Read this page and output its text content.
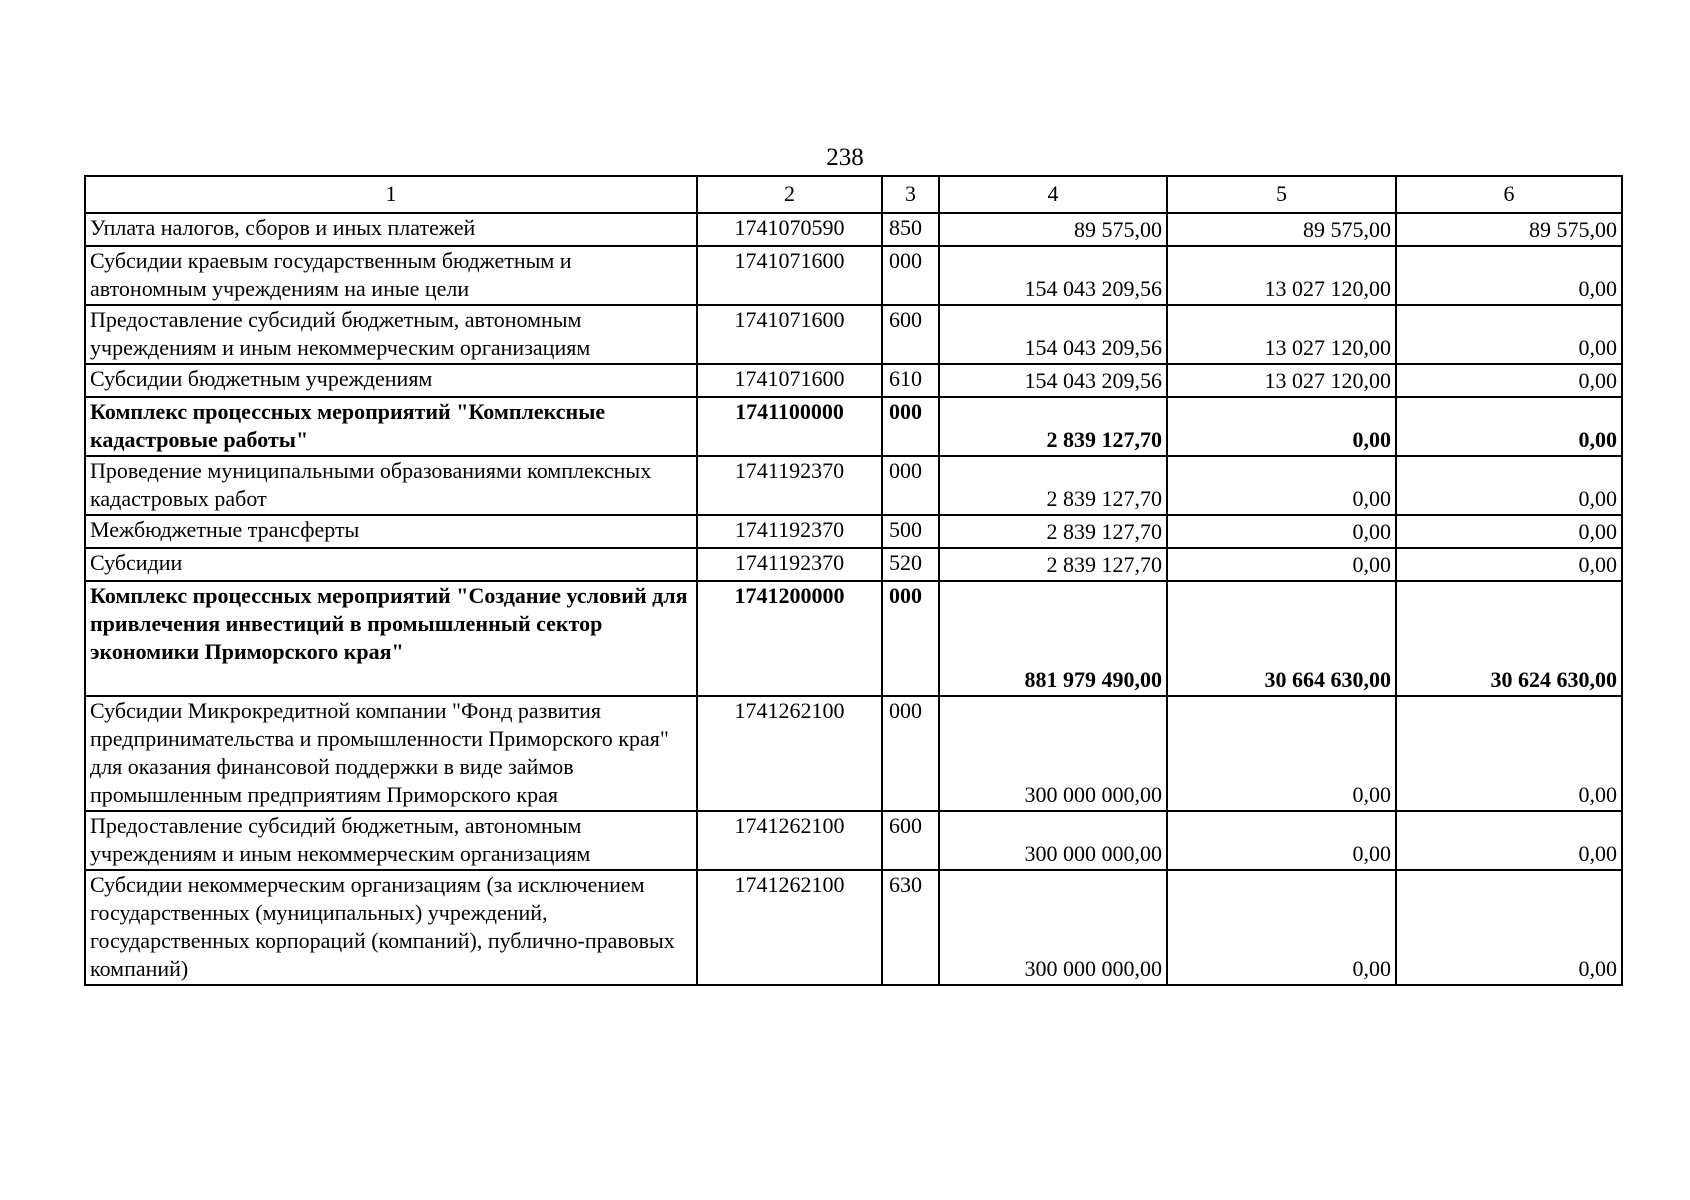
238
1	2	3	4	5	6
Уплата налогов, сборов и иных платежей	1741070590	850	89 575,00	89 575,00	89 575,00
Субсидии краевым государственным бюджетным и автономным учреждениям на иные цели	1741071600	000	154 043 209,56	13 027 120,00	0,00
Предоставление субсидий бюджетным, автономным учреждениям и иным некоммерческим организациям	1741071600	600	154 043 209,56	13 027 120,00	0,00
Субсидии бюджетным учреждениям	1741071600	610	154 043 209,56	13 027 120,00	0,00
Комплекс процессных мероприятий "Комплексные кадастровые работы"	1741100000	000	2 839 127,70	0,00	0,00
Проведение муниципальными образованиями комплексных кадастровых работ	1741192370	000	2 839 127,70	0,00	0,00
Межбюджетные трансферты	1741192370	500	2 839 127,70	0,00	0,00
Субсидии	1741192370	520	2 839 127,70	0,00	0,00
Комплекс процессных мероприятий "Создание условий для привлечения инвестиций в промышленный сектор экономики Приморского края"	1741200000	000	881 979 490,00	30 664 630,00	30 624 630,00
Субсидии Микрокредитной компании "Фонд развития предпринимательства и промышленности Приморского края" для оказания финансовой поддержки в виде займов промышленным предприятиям Приморского края	1741262100	000	300 000 000,00	0,00	0,00
Предоставление субсидий бюджетным, автономным учреждениям и иным некоммерческим организациям	1741262100	600	300 000 000,00	0,00	0,00
Субсидии некоммерческим организациям (за исключением государственных (муниципальных) учреждений, государственных корпораций (компаний), публично-правовых компаний)	1741262100	630	300 000 000,00	0,00	0,00
